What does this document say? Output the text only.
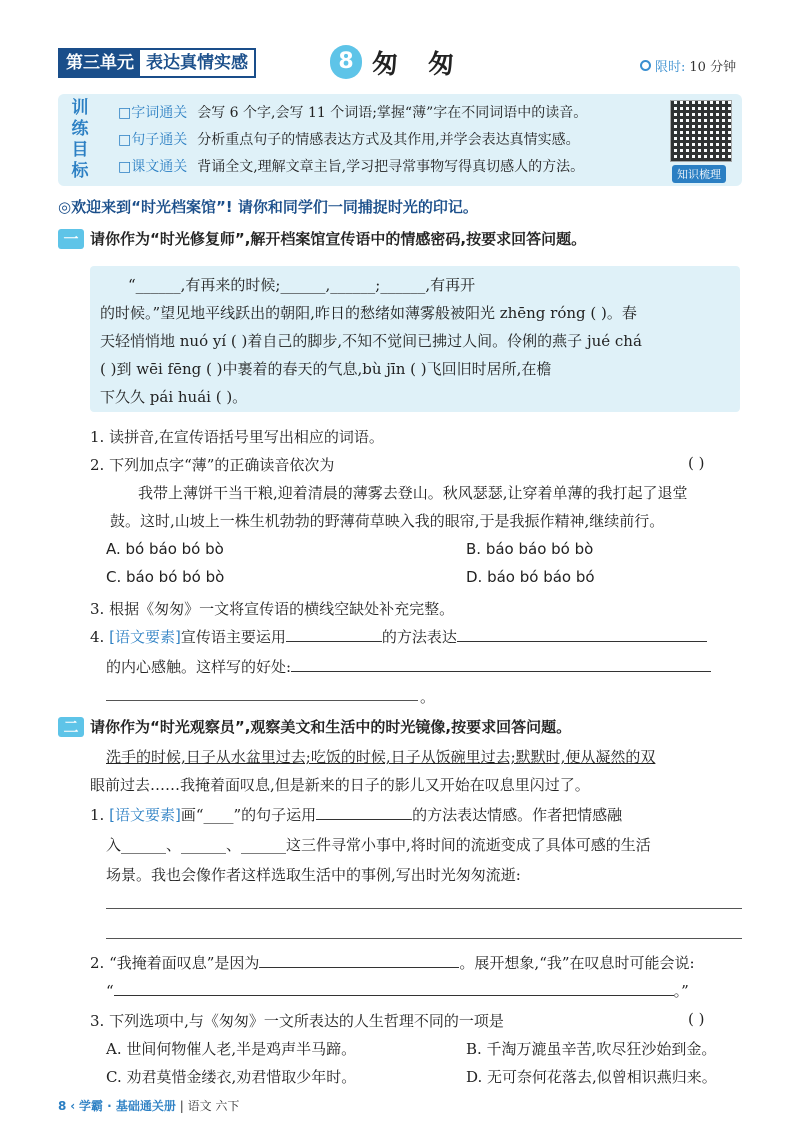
第三单元 表达真情实感	8 匆匆	限时: 10 分钟
训
练
目
标
□字词通关 会写 6 个字,会写 11 个词语;掌握“薄”字在不同词语中的读音。
□句子通关 分析重点句子的情感表达方式及其作用,并学会表达真情实感。
□课文通关 背诵全文,理解文章主旨,学习把寻常事物写得真切感人的方法。	知识梳理
◎欢迎来到“时光档案馆”! 请你和同学们一同捕捉时光的印记。
一 请你作为“时光修复师”,解开档案馆宣传语中的情感密码,按要求回答问题。
“______,有再来的时候;______,______;______,有再开
的时候。”望见地平线跃出的朝阳,昨日的愁绪如薄雾般被阳光 zhēng róng ( )。春
天轻悄悄地 nuó yí ( )着自己的脚步,不知不觉间已拂过人间。伶俐的燕子 jué chá
( )到 wēi fēng ( )中裹着的春天的气息,bù jīn ( )飞回旧时居所,在檐
下久久 pái huái ( )。
1. 读拼音,在宣传语括号里写出相应的词语。
2. 下列加点字“薄”的正确读音依次为	( )
我带上薄饼干当干粮,迎着清晨的薄雾去登山。秋风瑟瑟,让穿着单薄的我打起了退堂
鼓。这时,山坡上一株生机勃勃的野薄荷草映入我的眼帘,于是我振作精神,继续前行。
A. bó báo bó bò	B. báo báo bó bò
C. báo bó bó bò	D. báo bó báo bó
3. 根据《匆匆》一文将宣传语的横线空缺处补充完整。
4. [语文要素]宣传语主要运用	的方法表达
的内心感触。这样写的好处:
。
二 请你作为“时光观察员”,观察美文和生活中的时光镜像,按要求回答问题。
洗手的时候,日子从水盆里过去;吃饭的时候,日子从饭碗里过去;默默时,便从凝然的双
眼前过去……我掩着面叹息,但是新来的日子的影儿又开始在叹息里闪过了。
1. [语文要素]画“____”的句子运用	的方法表达情感。作者把情感融
入______、______、______这三件寻常小事中,将时间的流逝变成了具体可感的生活
场景。我也会像作者这样选取生活中的事例,写出时光匆匆流逝:
2. “我掩着面叹息”是因为	。展开想象,“我”在叹息时可能会说:
“	。”
3. 下列选项中,与《匆匆》一文所表达的人生哲理不同的一项是	( )
A. 世间何物催人老,半是鸡声半马蹄。	B. 千淘万漉虽辛苦,吹尽狂沙始到金。
C. 劝君莫惜金缕衣,劝君惜取少年时。	D. 无可奈何花落去,似曾相识燕归来。
8 ‹ 学霸 · 基础通关册 | 语文 六下
